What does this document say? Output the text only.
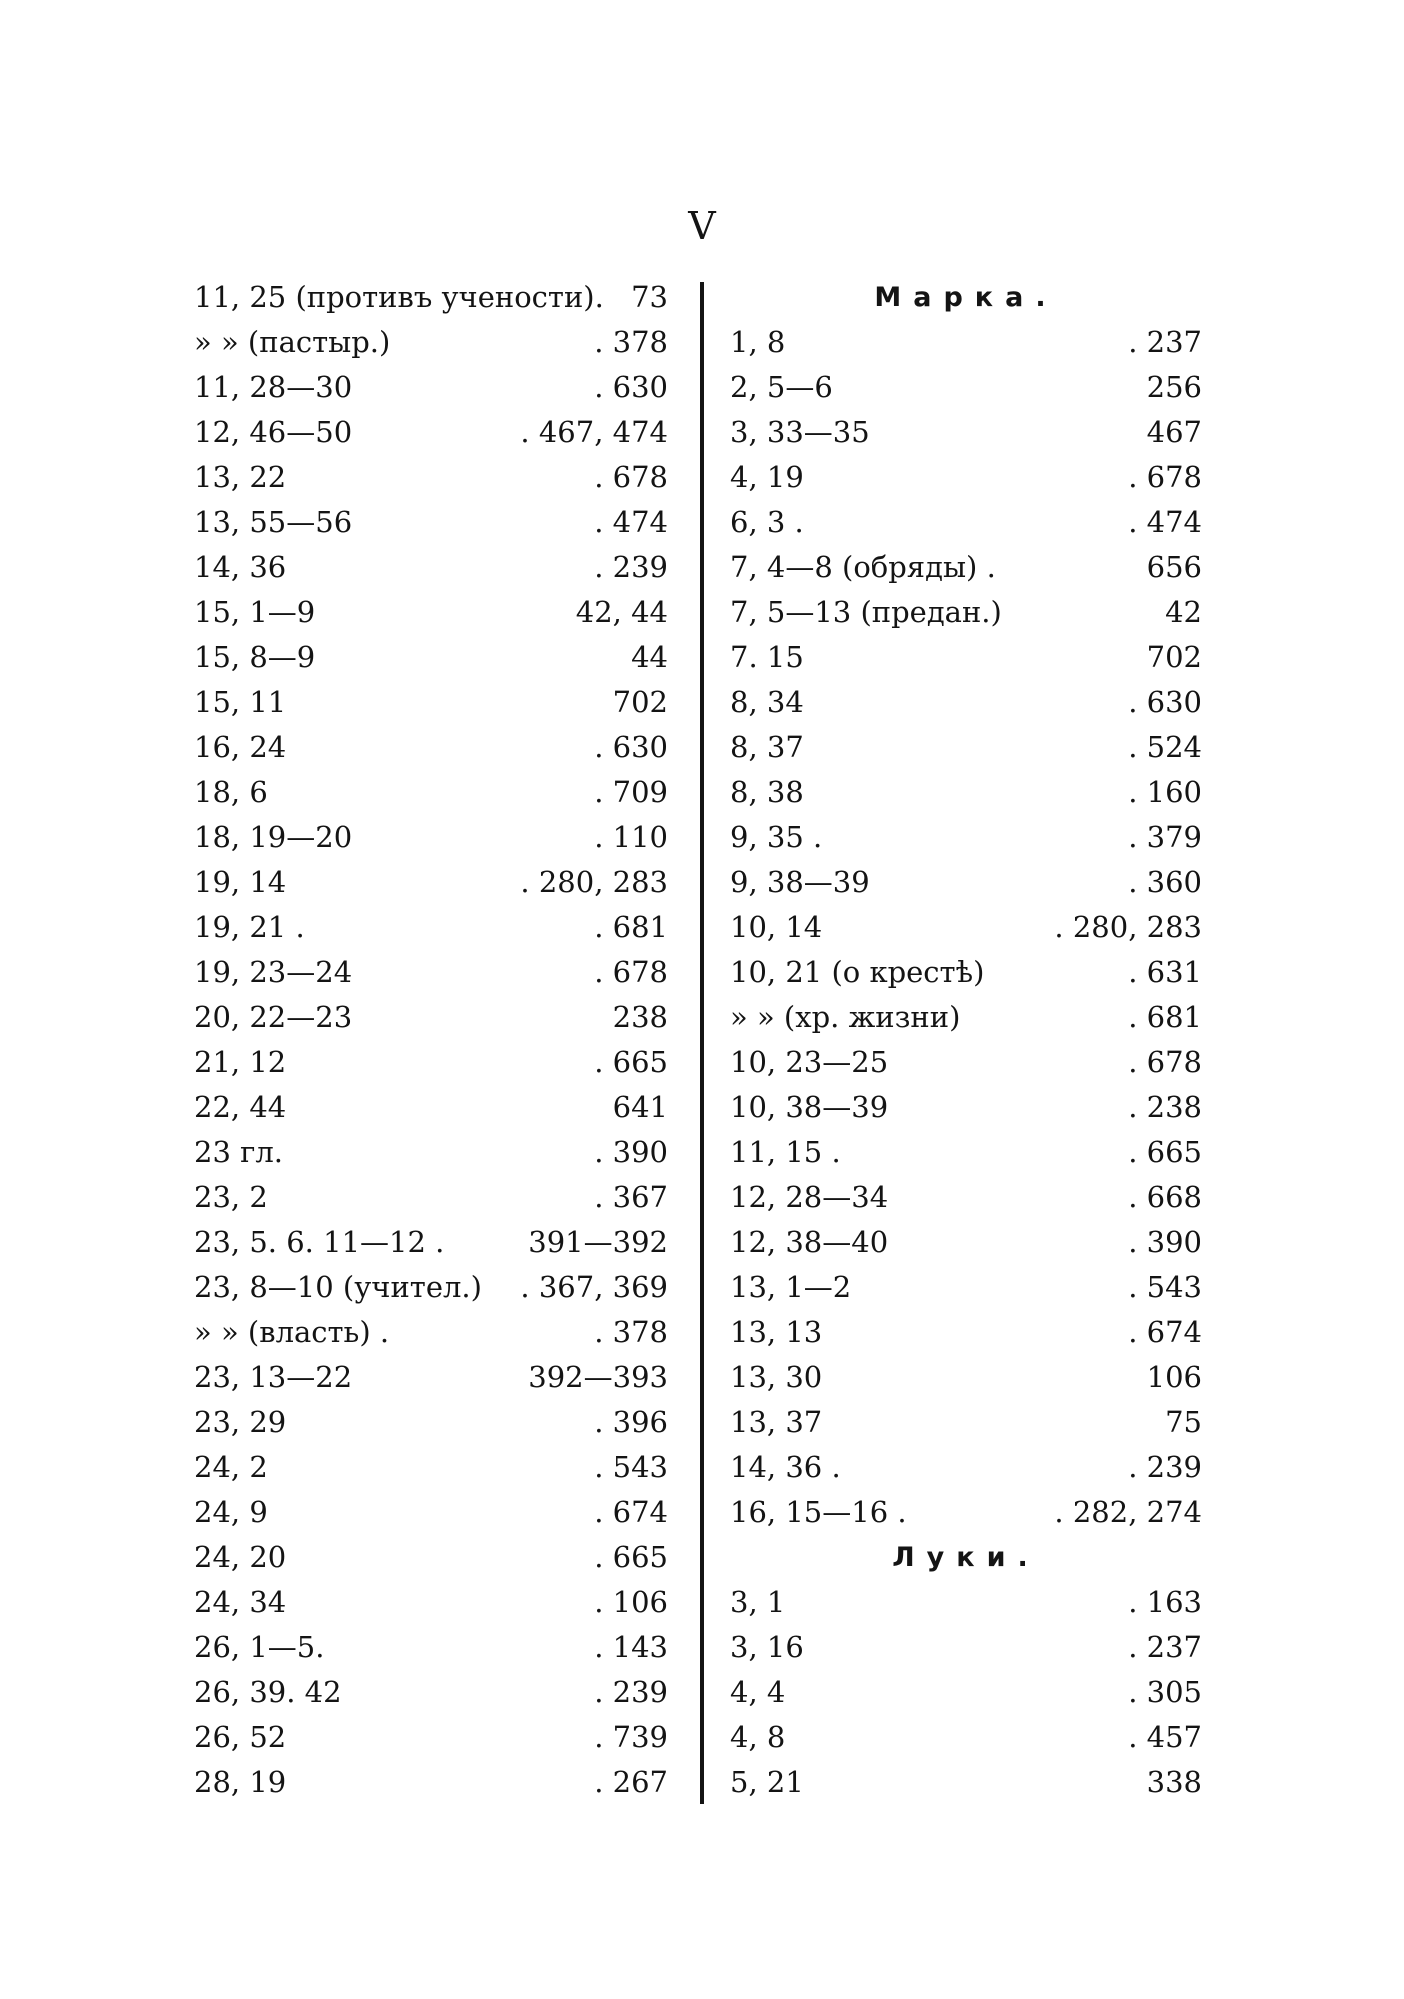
V
11, 25 (противъ учености). 73
» » (пастыр.)	. 378
11, 28—30	. 630
12, 46—50	. 467, 474
13, 22	. 678
13, 55—56	. 474
14, 36	. 239
15, 1—9	42, 44
15, 8—9	44
15, 11	702
16, 24	. 630
18, 6	. 709
18, 19—20	. 110
19, 14	. 280, 283
19, 21 .	. 681
19, 23—24	. 678
20, 22—23	238
21, 12	. 665
22, 44	641
23 гл.	. 390
23, 2	. 367
23, 5. 6. 11—12 .	391—392
23, 8—10 (учител.) . 367, 369
» » (власть) .	. 378
23, 13—22	392—393
23, 29	. 396
24, 2	. 543
24, 9	. 674
24, 20	. 665
24, 34	. 106
26, 1—5.	. 143
26, 39. 42	. 239
26, 52	. 739
28, 19	. 267
Марка.
1, 8	. 237
2, 5—6	256
3, 33—35	467
4, 19	. 678
6, 3 .	. 474
7, 4—8 (обряды) .	656
7, 5—13 (предан.)	42
7. 15	702
8, 34	. 630
8, 37	. 524
8, 38	. 160
9, 35 .	. 379
9, 38—39	. 360
10, 14	. 280, 283
10, 21 (о крестѣ)	. 631
» » (хр. жизни)	. 681
10, 23—25	. 678
10, 38—39	. 238
11, 15 .	. 665
12, 28—34	. 668
12, 38—40	. 390
13, 1—2	. 543
13, 13	. 674
13, 30	106
13, 37	75
14, 36 .	. 239
16, 15—16 .	. 282, 274
Луки.
3, 1	. 163
3, 16	. 237
4, 4	. 305
4, 8	. 457
5, 21	338
